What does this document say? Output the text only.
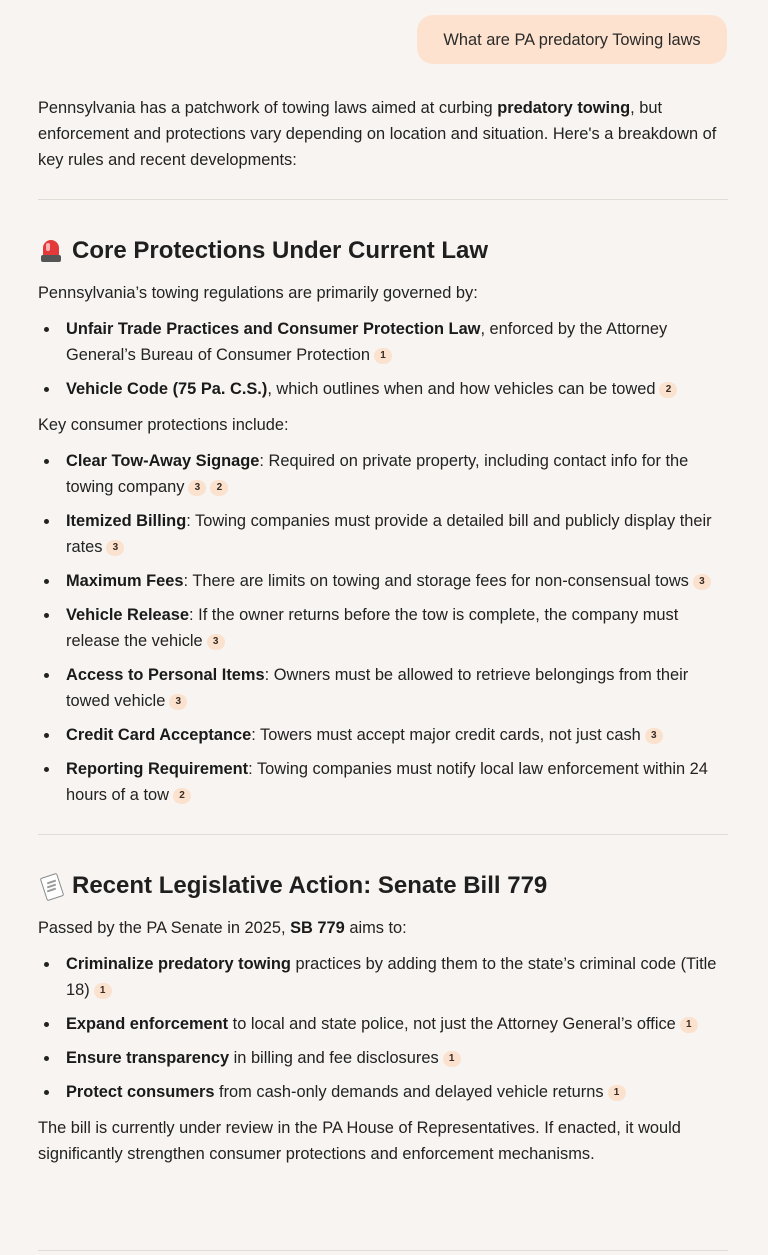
What are PA predatory Towing laws

Pennsylvania has a patchwork of towing laws aimed at curbing predatory towing, but enforcement and protections vary depending on location and situation. Here's a breakdown of key rules and recent developments:

Core Protections Under Current Law

Pennsylvania’s towing regulations are primarily governed by:

Unfair Trade Practices and Consumer Protection Law, enforced by the Attorney General’s Bureau of Consumer Protection 1
Vehicle Code (75 Pa. C.S.), which outlines when and how vehicles can be towed 2

Key consumer protections include:

Clear Tow-Away Signage: Required on private property, including contact info for the towing company 3 2
Itemized Billing: Towing companies must provide a detailed bill and publicly display their rates 3
Maximum Fees: There are limits on towing and storage fees for non-consensual tows 3
Vehicle Release: If the owner returns before the tow is complete, the company must release the vehicle 3
Access to Personal Items: Owners must be allowed to retrieve belongings from their towed vehicle 3
Credit Card Acceptance: Towers must accept major credit cards, not just cash 3
Reporting Requirement: Towing companies must notify local law enforcement within 24 hours of a tow 2
Recent Legislative Action: Senate Bill 779

Passed by the PA Senate in 2025, SB 779 aims to:

Criminalize predatory towing practices by adding them to the state’s criminal code (Title 18) 1
Expand enforcement to local and state police, not just the Attorney General’s office 1
Ensure transparency in billing and fee disclosures 1
Protect consumers from cash-only demands and delayed vehicle returns 1

The bill is currently under review in the PA House of Representatives. If enacted, it would significantly strengthen consumer protections and enforcement mechanisms.
